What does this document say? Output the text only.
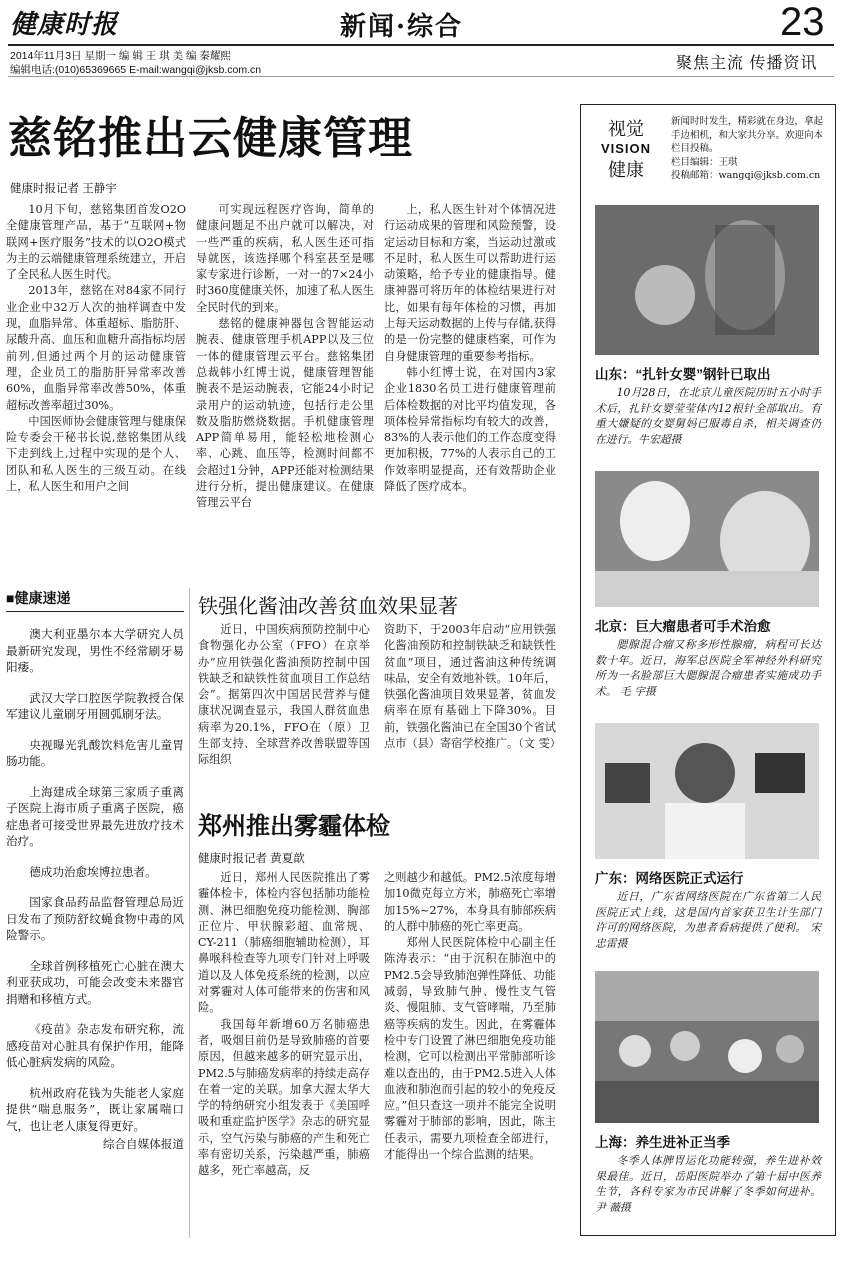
健康时报	新闻·综合	23
2014年11月3日 星期一 编 辑 王 琪 美 编 秦耀熙
编辑电话:(010)65369665 E-mail:wangqi@jksb.com.cn	聚焦主流 传播资讯
慈铭推出云健康管理
健康时报记者 王静宇

10月下旬，慈铭集团首发O2O全健康管理产品，基于“互联网+物联网+医疗服务”技术的以O2O模式为主的云端健康管理系统建立，开启了全民私人医生时代。

2013年，慈铭在对84家不同行业企业中32万人次的抽样调查中发现，血脂异常、体重超标、脂肪肝、尿酸升高、血压和血糖升高指标均居前列,但通过两个月的运动健康管理，企业员工的脂肪肝异常率改善60%，血脂异常率改善50%，体重超标改善率超过30%。

中国医师协会健康管理与健康保险专委会干秘书长说,慈铭集团从线下走到线上,过程中实现的是个人、团队和私人医生的三级互动。在线上，私人医生和用户之间

可实现远程医疗咨询，简单的健康问题足不出户就可以解决，对一些严重的疾病，私人医生还可指导就医，该选择哪个科室甚至是哪家专家进行诊断，一对一的7×24小时360度健康关怀，加速了私人医生全民时代的到来。

慈铭的健康神器包含智能运动腕表、健康管理手机APP以及三位一体的健康管理云平台。慈铭集团总裁韩小红博士说，健康管理智能腕表不是运动腕表，它能24小时记录用户的运动轨迹，包括行走公里数及脂肪燃烧数据。手机健康管理APP简单易用，能轻松地检测心率、心跳、血压等，检测时间都不会超过1分钟，APP还能对检测结果进行分析，提出健康建议。在健康管理云平台

上，私人医生针对个体情况进行运动成果的管理和风险预警，设定运动目标和方案，当运动过激或不足时，私人医生可以帮助进行运动策略，给予专业的健康指导。健康神器可将历年的体检结果进行对比，如果有每年体检的习惯，再加上每天运动数据的上传与存储,获得的是一份完整的健康档案，可作为自身健康管理的重要参考指标。

韩小红博士说，在对国内3家企业1830名员工进行健康管理前后体检数据的对比平均值发现，各项体检异常指标均有较大的改善，83%的人表示他们的工作态度变得更加积极，77%的人表示自己的工作效率明显提高，还有效帮助企业降低了医疗成本。

■健康速递

澳大利亚墨尔本大学研究人员最新研究发现，男性不经常刷牙易阳痿。

武汉大学口腔医学院教授合保军建议儿童刷牙用圆弧刷牙法。

央视曝光乳酸饮料危害儿童胃肠功能。

上海建成全球第三家质子重离子医院上海市质子重离子医院，癌症患者可接受世界最先进放疗技术治疗。

德成功治愈埃博拉患者。

国家食品药品监督管理总局近日发布了预防舒纹蝇食物中毒的风险警示。

全球首例移植死亡心脏在澳大利亚获成功，可能会改变未来器官捐赠和移植方式。

《疫苗》杂志发布研究称，流感疫苗对心脏具有保护作用，能降低心脏病发病的风险。

杭州政府花钱为失能老人家庭提供“喘息服务”，既让家属喘口气，也让老人康复得更好。

综合自媒体报道

铁强化酱油改善贫血效果显著

近日，中国疾病预防控制中心食物强化办公室（FFO）在京举办“应用铁强化酱油预防控制中国铁缺乏和缺铁性贫血项目工作总结会”。据第四次中国居民营养与健康状况调查显示，我国人群贫血患病率为20.1%，FFO在（原）卫生部支持、全球营养改善联盟等国际组织

资助下，于2003年启动“应用铁强化酱油预防和控制铁缺乏和缺铁性贫血”项目，通过酱油这种传统调味品，安全有效地补铁。10年后，铁强化酱油项目效果显著，贫血发病率在原有基础上下降30%。目前，铁强化酱油已在全国30个省试点市（县）寄宿学校推广。（文 雯）

郑州推出雾霾体检
健康时报记者 黄夏歆

近日，郑州人民医院推出了雾霾体检卡，体检内容包括肺功能检测、淋巴细胞免疫功能检测、胸部正位片、甲状腺彩超、血常规、CY-211（肺癌细胞辅助检测），耳鼻喉科检查等九项专门针对上呼吸道以及人体免疫系统的检测，以应对雾霾对人体可能带来的伤害和风险。

我国每年新增60万名肺癌患者，吸烟目前仍是导致肺癌的首要原因，但越来越多的研究显示出，PM2.5与肺癌发病率的持续走高存在着一定的关联。加拿大渥太华大学的特纳研究小组发表于《美国呼吸和重症监护医学》杂志的研究显示，空气污染与肺癌的产生和死亡率有密切关系，污染越严重，肺癌越多，死亡率越高，反

之则越少和越低。PM2.5浓度每增加10微克每立方米，肺癌死亡率增加15%~27%，本身具有肺部疾病的人群中肺癌的死亡率更高。

郑州人民医院体检中心副主任陈涛表示：“由于沉积在肺泡中的PM2.5会导致肺泡弹性降低、功能减弱，导致肺气肿、慢性支气管炎、慢阻肺、支气管哮喘，乃至肺癌等疾病的发生。因此，在雾霾体检中专门设置了淋巴细胞免疫功能检测，它可以检测出平常肺部听诊难以查出的，由于PM2.5进入人体血液和肺泡而引起的较小的免疫反应。”但只查这一项并不能完全说明雾霾对于肺部的影响，因此，陈主任表示，需要九项检查全部进行，才能得出一个综合监测的结果。

视觉
VISION
健康
新闻时时发生，精彩就在身边，拿起手边相机，和大家共分享。欢迎向本栏目投稿。
栏目编辑：王琪
投稿邮箱：wangqi@jksb.com.cn
山东：“扎针女婴”钢针已取出
10月28日，在北京儿童医院历时五小时手术后，扎针女婴莹莹体内12根针全部取出。有重大嫌疑的女婴舅妈已服毒自杀，相关调查仍在进行。牛宏超摄
北京：巨大瘤患者可手术治愈
腮腺混合瘤又称多形性腺瘤，病程可长达数十年。近日，海军总医院全军神经外科研究所为一名脸部巨大腮腺混合瘤患者实施成功手术。 毛 宇摄
广东：网络医院正式运行
近日，广东省网络医院在广东省第二人民医院正式上线，这是国内首家获卫生计生部门许可的网络医院，为患者看病提供了便利。 宋忠雷摄
上海：养生进补正当季
冬季人体脾胃运化功能转强，养生进补效果最佳。近日，岳阳医院举办了第十届中医养生节，各科专家为市民讲解了冬季如何进补。 尹 薇摄
